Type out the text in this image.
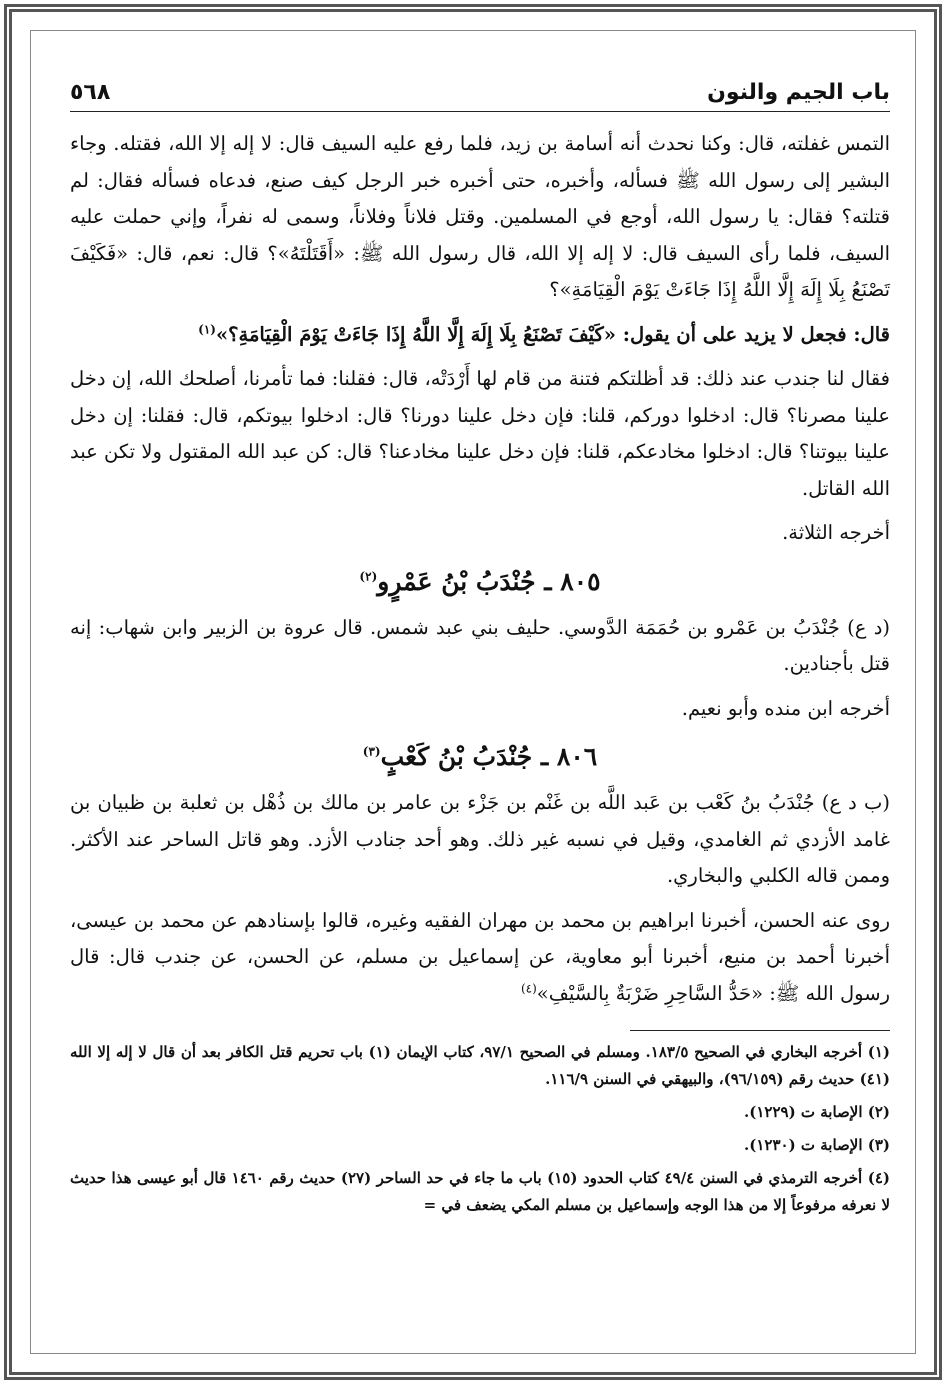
باب الجيم والنون
٥٦٨

التمس غفلته، قال: وكنا نحدث أنه أسامة بن زيد، فلما رفع عليه السيف قال: لا إله إلا الله، فقتله. وجاء البشير إلى رسول الله ﷺ فسأله، وأخبره، حتى أخبره خبر الرجل كيف صنع، فدعاه فسأله فقال: لم قتلته؟ فقال: يا رسول الله، أوجع في المسلمين. وقتل فلاناً وفلاناً، وسمى له نفراً، وإني حملت عليه السيف، فلما رأى السيف قال: لا إله إلا الله، قال رسول الله ﷺ: «أَقَتَلْتَهُ»؟ قال: نعم، قال: «فَكَيْفَ تَصْنَعُ بِلَا إِلَهَ إِلَّا اللَّهُ إِذَا جَاءَتْ يَوْمَ الْقِيَامَةِ»؟

قال: فجعل لا يزيد على أن يقول: «كَيْفَ تَصْنَعُ بِلَا إِلَهَ إِلَّا اللَّهُ إِذَا جَاءَتْ يَوْمَ الْقِيَامَةِ؟»$^{(١)}$

فقال لنا جندب عند ذلك: قد أظلتكم فتنة من قام لها أَرْدَتْه، قال: فقلنا: فما تأمرنا، أصلحك الله، إن دخل علينا مصرنا؟ قال: ادخلوا دوركم، قلنا: فإن دخل علينا دورنا؟ قال: ادخلوا بيوتكم، قال: فقلنا: إن دخل علينا بيوتنا؟ قال: ادخلوا مخادعكم، قلنا: فإن دخل علينا مخادعنا؟ قال: كن عبد الله المقتول ولا تكن عبد الله القاتل.

أخرجه الثلاثة.

٨٠٥ ـ جُنْدَبُ بْنُ عَمْرٍو$^{(٢)}$

(د ع) جُنْدَبُ بن عَمْرو بن حُمَمَة الدَّوسي. حليف بني عبد شمس. قال عروة بن الزبير وابن شهاب: إنه قتل بأجنادين.

أخرجه ابن منده وأبو نعيم.

٨٠٦ ـ جُنْدَبُ بْنُ كَعْبٍ$^{(٣)}$

(ب د ع) جُنْدَبُ بنُ كَعْب بن عَبد اللَّه بن غَنْم بن جَزْء بن عامر بن مالك بن ذُهْل بن ثعلبة بن ظبيان بن غامد الأزدي ثم الغامدي، وقيل في نسبه غير ذلك. وهو أحد جنادب الأزد. وهو قاتل الساحر عند الأكثر. وممن قاله الكلبي والبخاري.

روى عنه الحسن، أخبرنا ابراهيم بن محمد بن مهران الفقيه وغيره، قالوا بإسنادهم عن محمد بن عيسى، أخبرنا أحمد بن منيع، أخبرنا أبو معاوية، عن إسماعيل بن مسلم، عن الحسن، عن جندب قال: قال رسول الله ﷺ: «حَدُّ السَّاحِرِ ضَرْبَةٌ بِالسَّيْفِ»$^{(٤)}$

(١) أخرجه البخاري في الصحيح ١٨٣/٥. ومسلم في الصحيح ٩٧/١، كتاب الإيمان (١) باب تحريم قتل الكافر بعد أن قال لا إله إلا الله (٤١) حديث رقم (٩٦/١٥٩)، والبيهقي في السنن ١١٦/٩.

(٢) الإصابة ت (١٢٢٩).

(٣) الإصابة ت (١٢٣٠).

(٤) أخرجه الترمذي في السنن ٤٩/٤ كتاب الحدود (١٥) باب ما جاء في حد الساحر (٢٧) حديث رقم ١٤٦٠ قال أبو عيسى هذا حديث لا نعرفه مرفوعاً إلا من هذا الوجه وإسماعيل بن مسلم المكي يضعف في =
